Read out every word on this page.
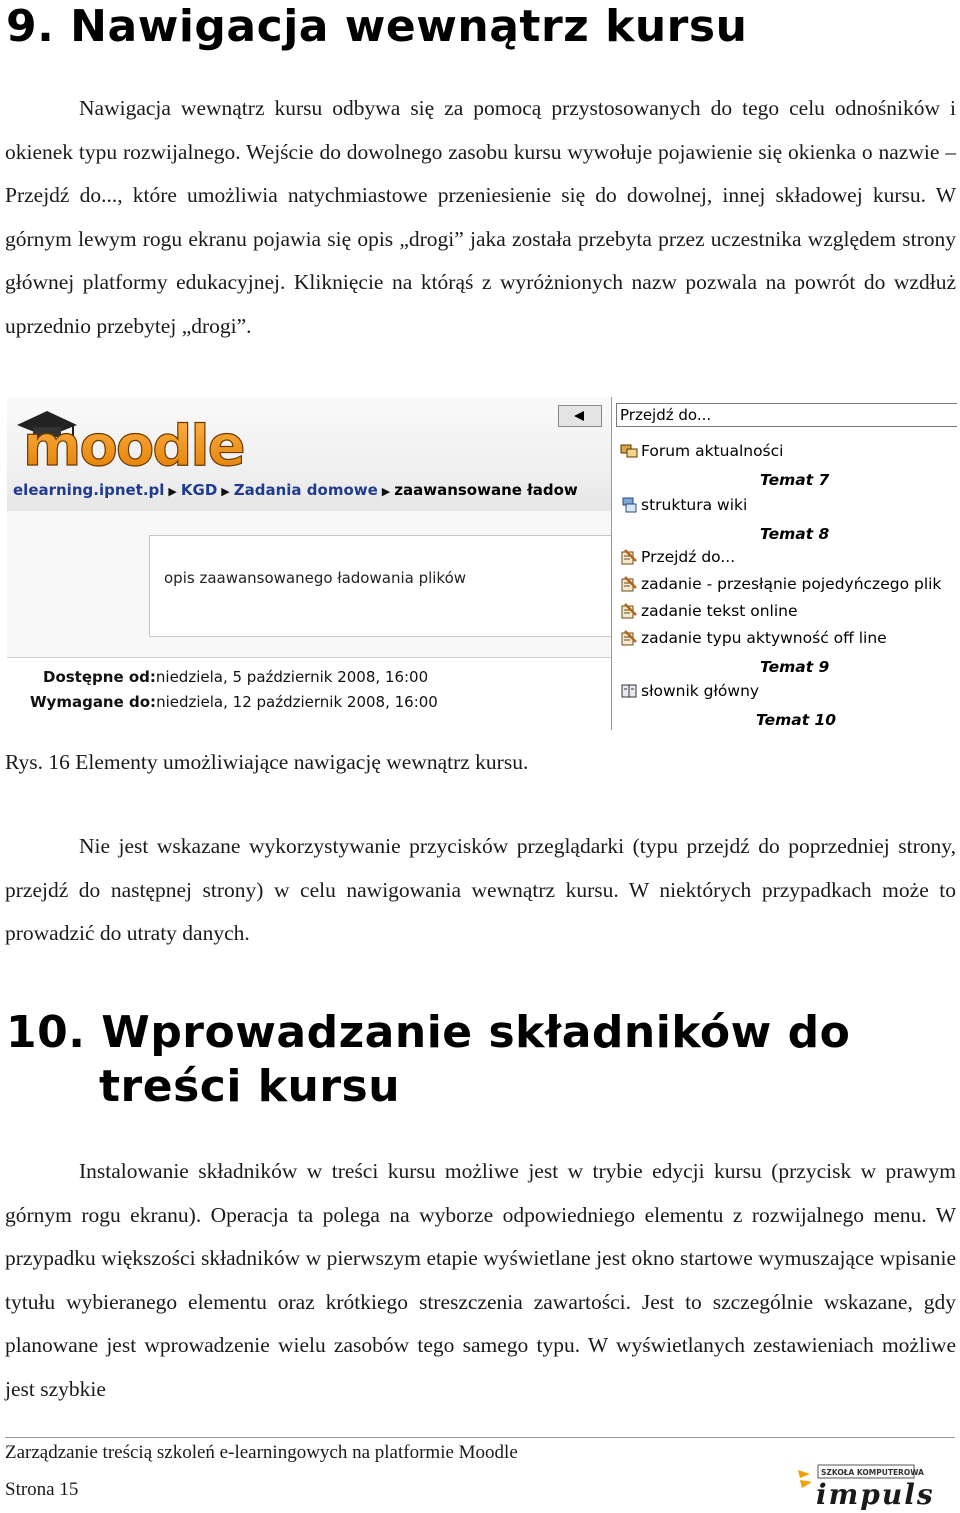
9. Nawigacja wewnątrz kursu

Nawigacja wewnątrz kursu odbywa się za pomocą przystosowanych do tego celu odnośników i okienek typu rozwijalnego. Wejście do dowolnego zasobu kursu wywołuje pojawienie się okienka o nazwie – Przejdź do..., które umożliwia natychmiastowe przeniesienie się do dowolnej, innej składowej kursu. W górnym lewym rogu ekranu pojawia się opis „drogi” jaka została przebyta przez uczestnika względem strony głównej platformy edukacyjnej. Kliknięcie na którąś z wyróżnionych nazw pozwala na powrót do wzdłuż uprzednio przebytej „drogi”.

moodle
elearning.ipnet.pl ▶ KGD ▶ Zadania domowe ▶ zaawansowane ładow
opis zaawansowanego ładowania plików
Dostępne od:niedziela, 5 październik 2008, 16:00
Wymagane do:niedziela, 12 październik 2008, 16:00
Przejdź do...
Forum aktualności
Temat 7
struktura wiki
Temat 8
Przejdź do...
zadanie - przesłąnie pojedyńczego plik
zadanie tekst online
zadanie typu aktywność off line
Temat 9
słownik główny
Temat 10
Rys. 16 Elementy umożliwiające nawigację wewnątrz kursu.

Nie jest wskazane wykorzystywanie przycisków przeglądarki (typu przejdź do poprzedniej strony, przejdź do następnej strony) w celu nawigowania wewnątrz kursu. W niektórych przypadkach może to prowadzić do utraty danych.

10. Wprowadzanie składników do
treści kursu

Instalowanie składników w treści kursu możliwe jest w trybie edycji kursu (przycisk w prawym górnym rogu ekranu). Operacja ta polega na wyborze odpowiedniego elementu z rozwijalnego menu. W przypadku większości składników w pierwszym etapie wyświetlane jest okno startowe wymuszające wpisanie tytułu wybieranego elementu oraz krótkiego streszczenia zawartości. Jest to szczególnie wskazane, gdy planowane jest wprowadzenie wielu zasobów tego samego typu. W wyświetlanych zestawieniach możliwe jest szybkie

Zarządzanie treścią szkoleń e-learningowych na platformie Moodle
Strona 15
SZKOŁA KOMPUTEROWA
impuls
